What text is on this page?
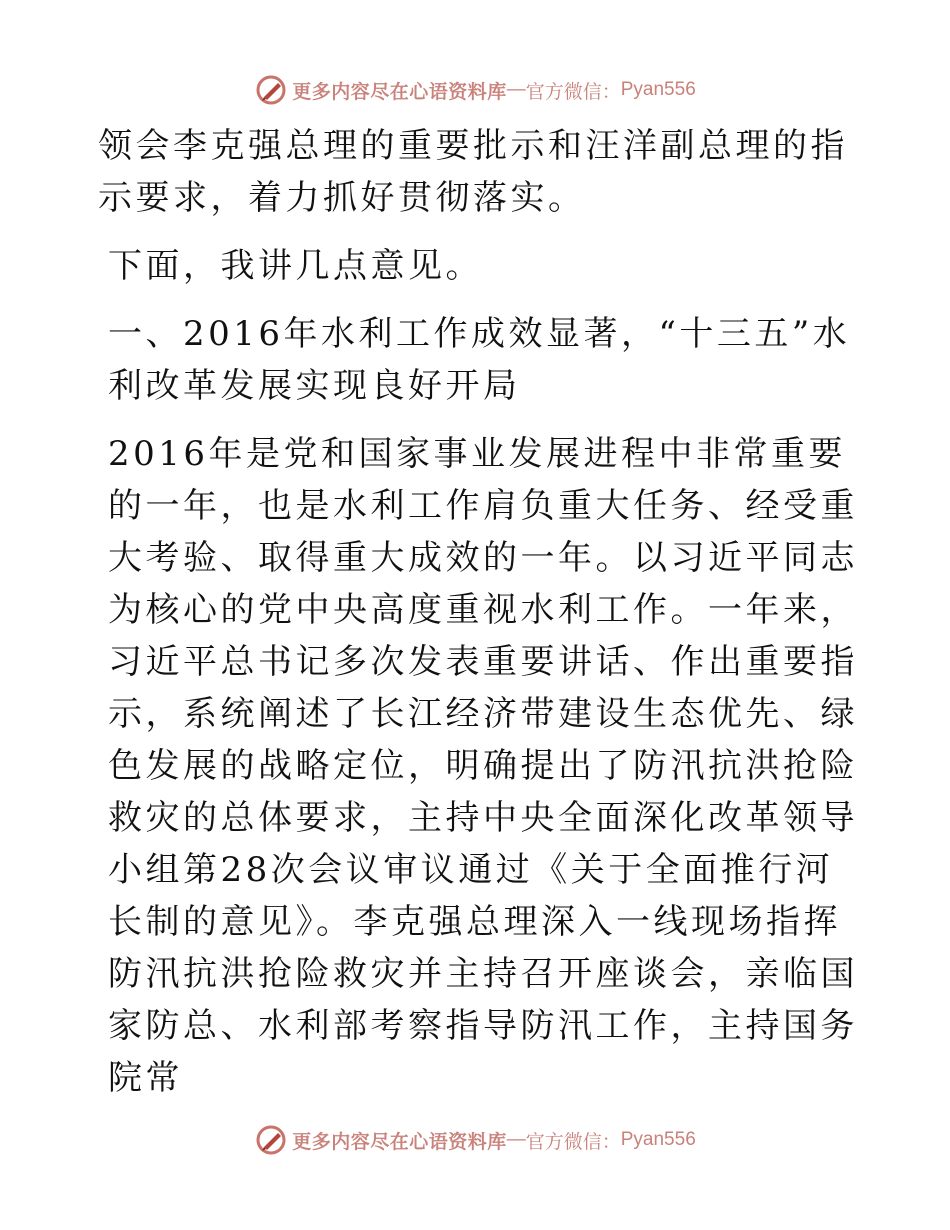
更多内容尽在心语资料库 — 官方微信： Pyan556

领会李克强总理的重要批示和汪洋副总理的指示要求，着力抓好贯彻落实。

下面，我讲几点意见。

一、2016年水利工作成效显著，“十三五”水利改革发展实现良好开局

2016年是党和国家事业发展进程中非常重要的一年，也是水利工作肩负重大任务、经受重大考验、取得重大成效的一年。以习近平同志为核心的党中央高度重视水利工作。一年来，习近平总书记多次发表重要讲话、作出重要指示，系统阐述了长江经济带建设生态优先、绿色发展的战略定位，明确提出了防汛抗洪抢险救灾的总体要求，主持中央全面深化改革领导小组第28次会议审议通过《关于全面推行河长制的意见》。李克强总理深入一线现场指挥防汛抗洪抢险救灾并主持召开座谈会，亲临国家防总、水利部考察指导防汛工作，主持国务院常

更多内容尽在心语资料库 — 官方微信： Pyan556
